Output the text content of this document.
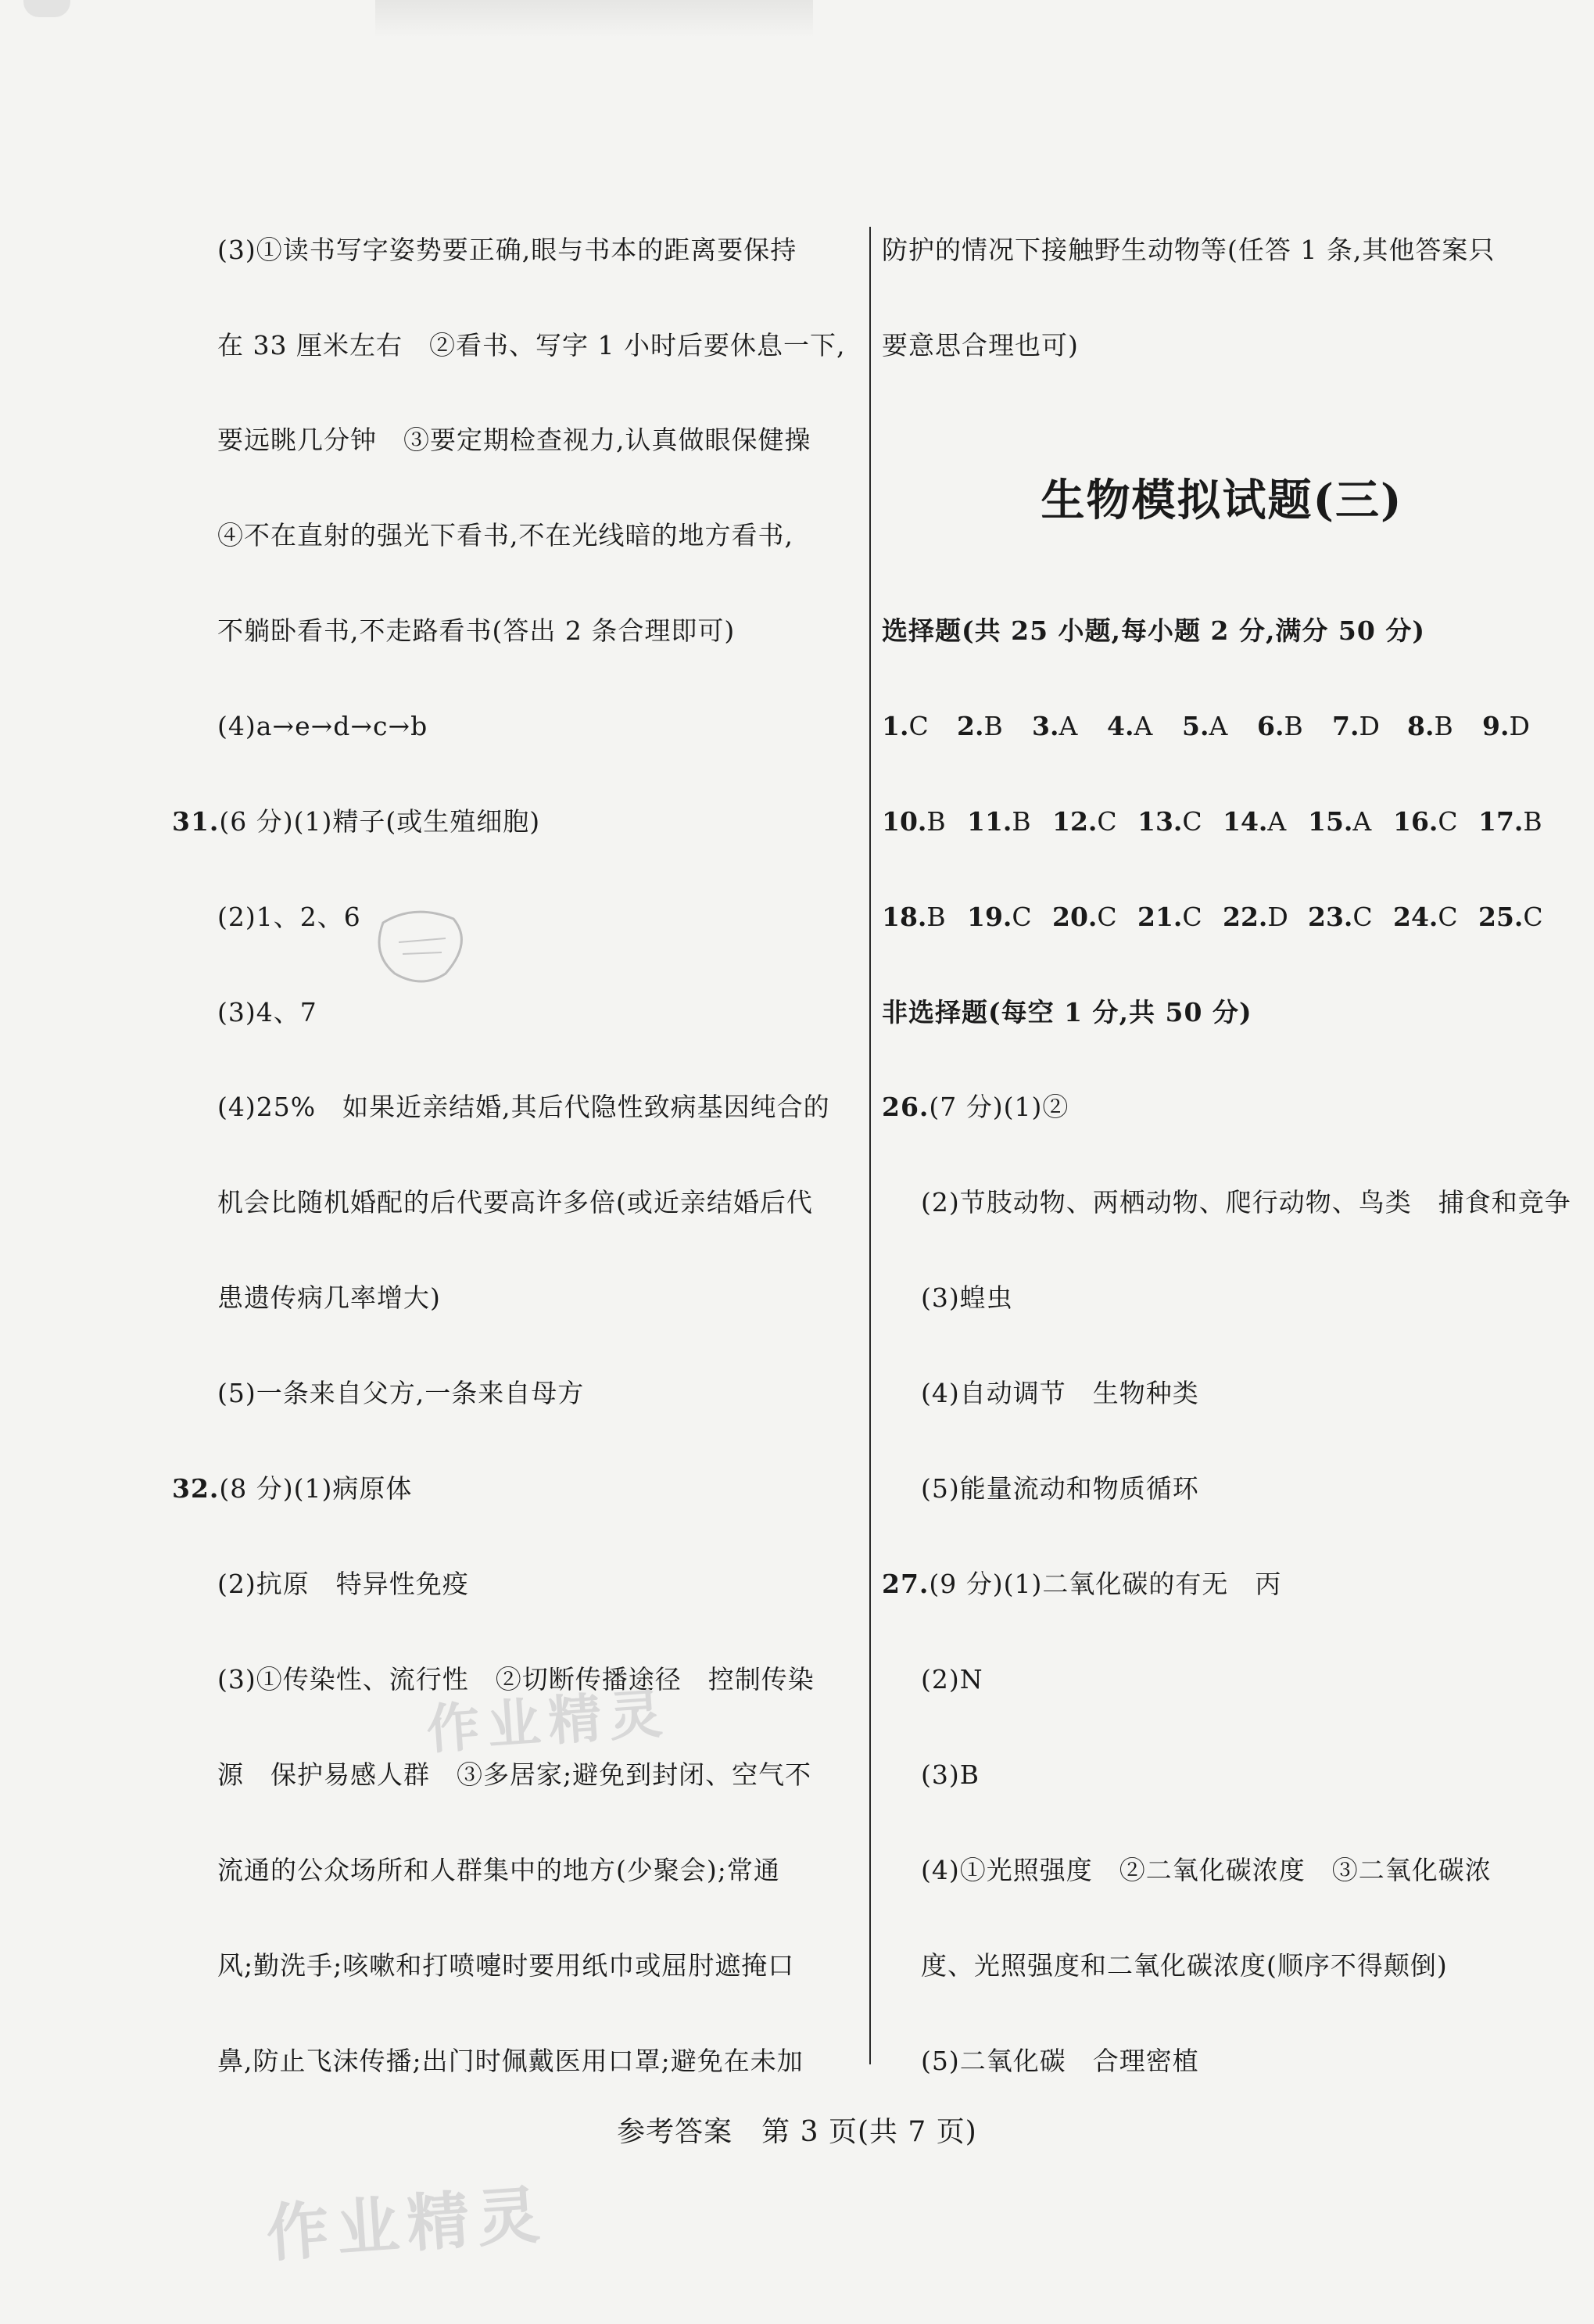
(3)①读书写字姿势要正确,眼与书本的距离要保持
在 33 厘米左右　②看书、写字 1 小时后要休息一下,
要远眺几分钟　③要定期检查视力,认真做眼保健操
④不在直射的强光下看书,不在光线暗的地方看书,
不躺卧看书,不走路看书(答出 2 条合理即可)
(4)a→e→d→c→b
31.(6 分)(1)精子(或生殖细胞)
(2)1、2、6
(3)4、7
(4)25%　如果近亲结婚,其后代隐性致病基因纯合的
机会比随机婚配的后代要高许多倍(或近亲结婚后代
患遗传病几率增大)
(5)一条来自父方,一条来自母方
32.(8 分)(1)病原体
(2)抗原　特异性免疫
(3)①传染性、流行性　②切断传播途径　控制传染
源　保护易感人群　③多居家;避免到封闭、空气不
流通的公众场所和人群集中的地方(少聚会);常通
风;勤洗手;咳嗽和打喷嚏时要用纸巾或屈肘遮掩口
鼻,防止飞沫传播;出门时佩戴医用口罩;避免在未加
防护的情况下接触野生动物等(任答 1 条,其他答案只
要意思合理也可)
生物模拟试题(三)
选择题(共 25 小题,每小题 2 分,满分 50 分)
1.C 2.B 3.A 4.A 5.A 6.B 7.D 8.B 9.D
10.B 11.B 12.C 13.C 14.A 15.A 16.C 17.B
18.B 19.C 20.C 21.C 22.D 23.C 24.C 25.C
非选择题(每空 1 分,共 50 分)
26.(7 分)(1)②
(2)节肢动物、两栖动物、爬行动物、鸟类　捕食和竞争
(3)蝗虫
(4)自动调节　生物种类
(5)能量流动和物质循环
27.(9 分)(1)二氧化碳的有无　丙
(2)N
(3)B
(4)①光照强度　②二氧化碳浓度　③二氧化碳浓
度、光照强度和二氧化碳浓度(顺序不得颠倒)
(5)二氧化碳　合理密植
作业精灵
作业精灵
参考答案　第 3 页(共 7 页)
